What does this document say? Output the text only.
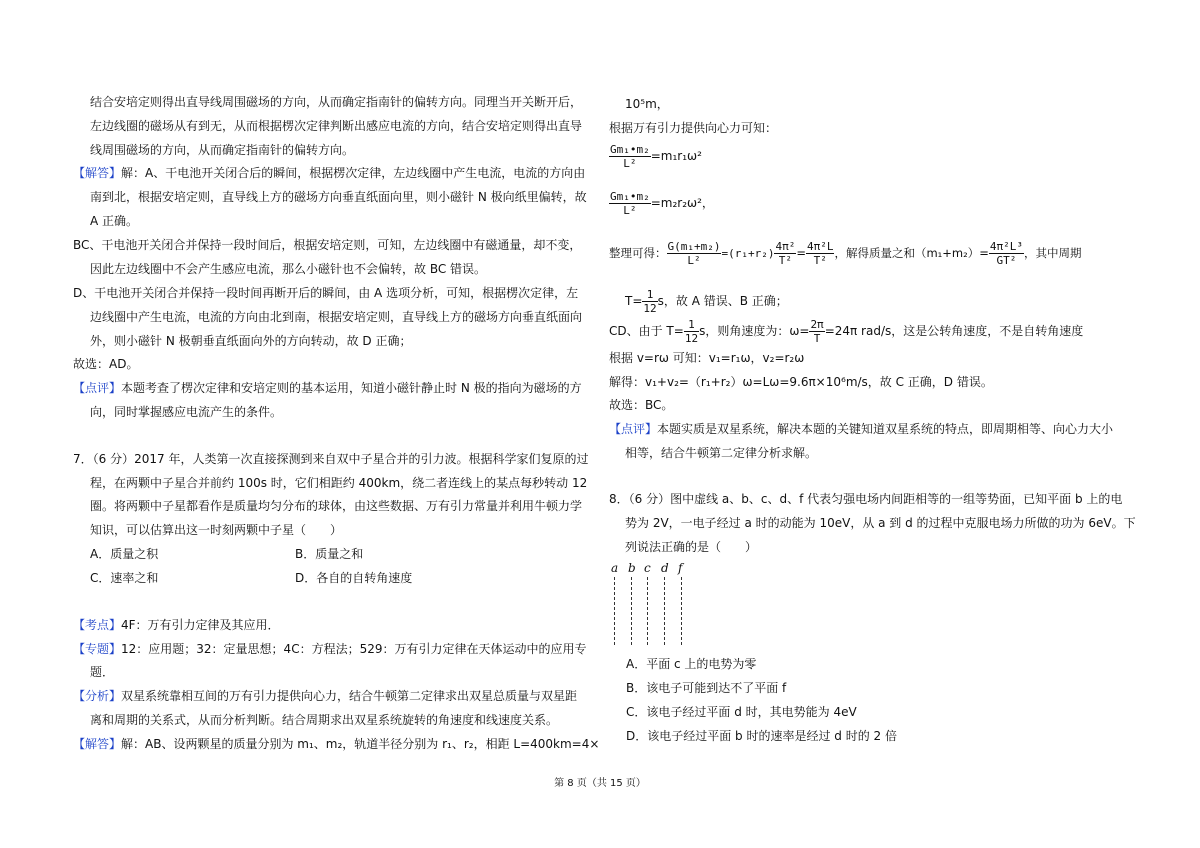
结合安培定则得出直导线周围磁场的方向，从而确定指南针的偏转方向。同理当开关断开后，
左边线圈的磁场从有到无，从而根据楞次定律判断出感应电流的方向，结合安培定则得出直导
线周围磁场的方向，从而确定指南针的偏转方向。
【解答】解：A、干电池开关闭合后的瞬间，根据楞次定律，左边线圈中产生电流，电流的方向由
南到北，根据安培定则，直导线上方的磁场方向垂直纸面向里，则小磁针 N 极向纸里偏转，故
A 正确。
BC、干电池开关闭合并保持一段时间后，根据安培定则，可知，左边线圈中有磁通量，却不变，
因此左边线圈中不会产生感应电流，那么小磁针也不会偏转，故 BC 错误。
D、干电池开关闭合并保持一段时间再断开后的瞬间，由 A 选项分析，可知，根据楞次定律，左
边线圈中产生电流，电流的方向由北到南，根据安培定则，直导线上方的磁场方向垂直纸面向
外，则小磁针 N 极朝垂直纸面向外的方向转动，故 D 正确；
故选：AD。
【点评】本题考查了楞次定律和安培定则的基本运用，知道小磁针静止时 N 极的指向为磁场的方
向，同时掌握感应电流产生的条件。
7．（6 分）2017 年，人类第一次直接探测到来自双中子星合并的引力波。根据科学家们复原的过
程，在两颗中子星合并前约 100s 时，它们相距约 400km，绕二者连线上的某点每秒转动 12
圈。将两颗中子星都看作是质量均匀分布的球体，由这些数据、万有引力常量并利用牛顿力学
知识，可以估算出这一时刻两颗中子星（　　）
A．质量之积	B．质量之和
C．速率之和	D．各自的自转角速度
【考点】4F：万有引力定律及其应用．
【专题】12：应用题；32：定量思想；4C：方程法；529：万有引力定律在天体运动中的应用专
题．
【分析】双星系统靠相互间的万有引力提供向心力，结合牛顿第二定律求出双星总质量与双星距
离和周期的关系式，从而分析判断。结合周期求出双星系统旋转的角速度和线速度关系。
【解答】解：AB、设两颗星的质量分别为 m₁、m₂，轨道半径分别为 r₁、r₂，相距 L=400km=4×
10⁵m，
根据万有引力提供向心力可知：
$\frac{\text{Gm₁•m₂}}{\text{L²}} =m_1r_1\omega^2$
$\frac{\text{Gm₁•m₂}}{\text{L²}} =m_2r_2\omega^2$，
整理可得： $\frac{\text{G(m₁+m₂)}}{\text{L²}} =(r_1+r_2) \frac{\text{4π²}}{\text{T²}} = \frac{\text{4π²L}}{\text{T²}}$ ，解得质量之和$(m_1+m_2)= \frac{\text{4π²L³}}{\text{GT²}}$ ，其中周期
$T= \frac{1}{12}$ s，故 A 错误、B 正确；
CD、由于 $T= \frac{1}{12}$ s，则角速度为：$\omega= \frac{2\pi}{T} =24\pi$ rad/s，这是公转角速度，不是自转角速度
根据 v=rω 可知：v₁=r₁ω，v₂=r₂ω
解得：v₁+v₂=（r₁+r₂）ω=Lω=9.6π×10⁶m/s，故 C 正确，D 错误。
故选：BC。
【点评】本题实质是双星系统，解决本题的关键知道双星系统的特点，即周期相等、向心力大小
相等，结合牛顿第二定律分析求解。
8．（6 分）图中虚线 a、b、c、d、f 代表匀强电场内间距相等的一组等势面，已知平面 b 上的电
势为 2V，一电子经过 a 时的动能为 10eV，从 a 到 d 的过程中克服电场力所做的功为 6eV。下
列说法正确的是（　　）
a b c d f
A．平面 c 上的电势为零
B．该电子可能到达不了平面 f
C．该电子经过平面 d 时，其电势能为 4eV
D．该电子经过平面 b 时的速率是经过 d 时的 2 倍
第 8 页（共 15 页）
